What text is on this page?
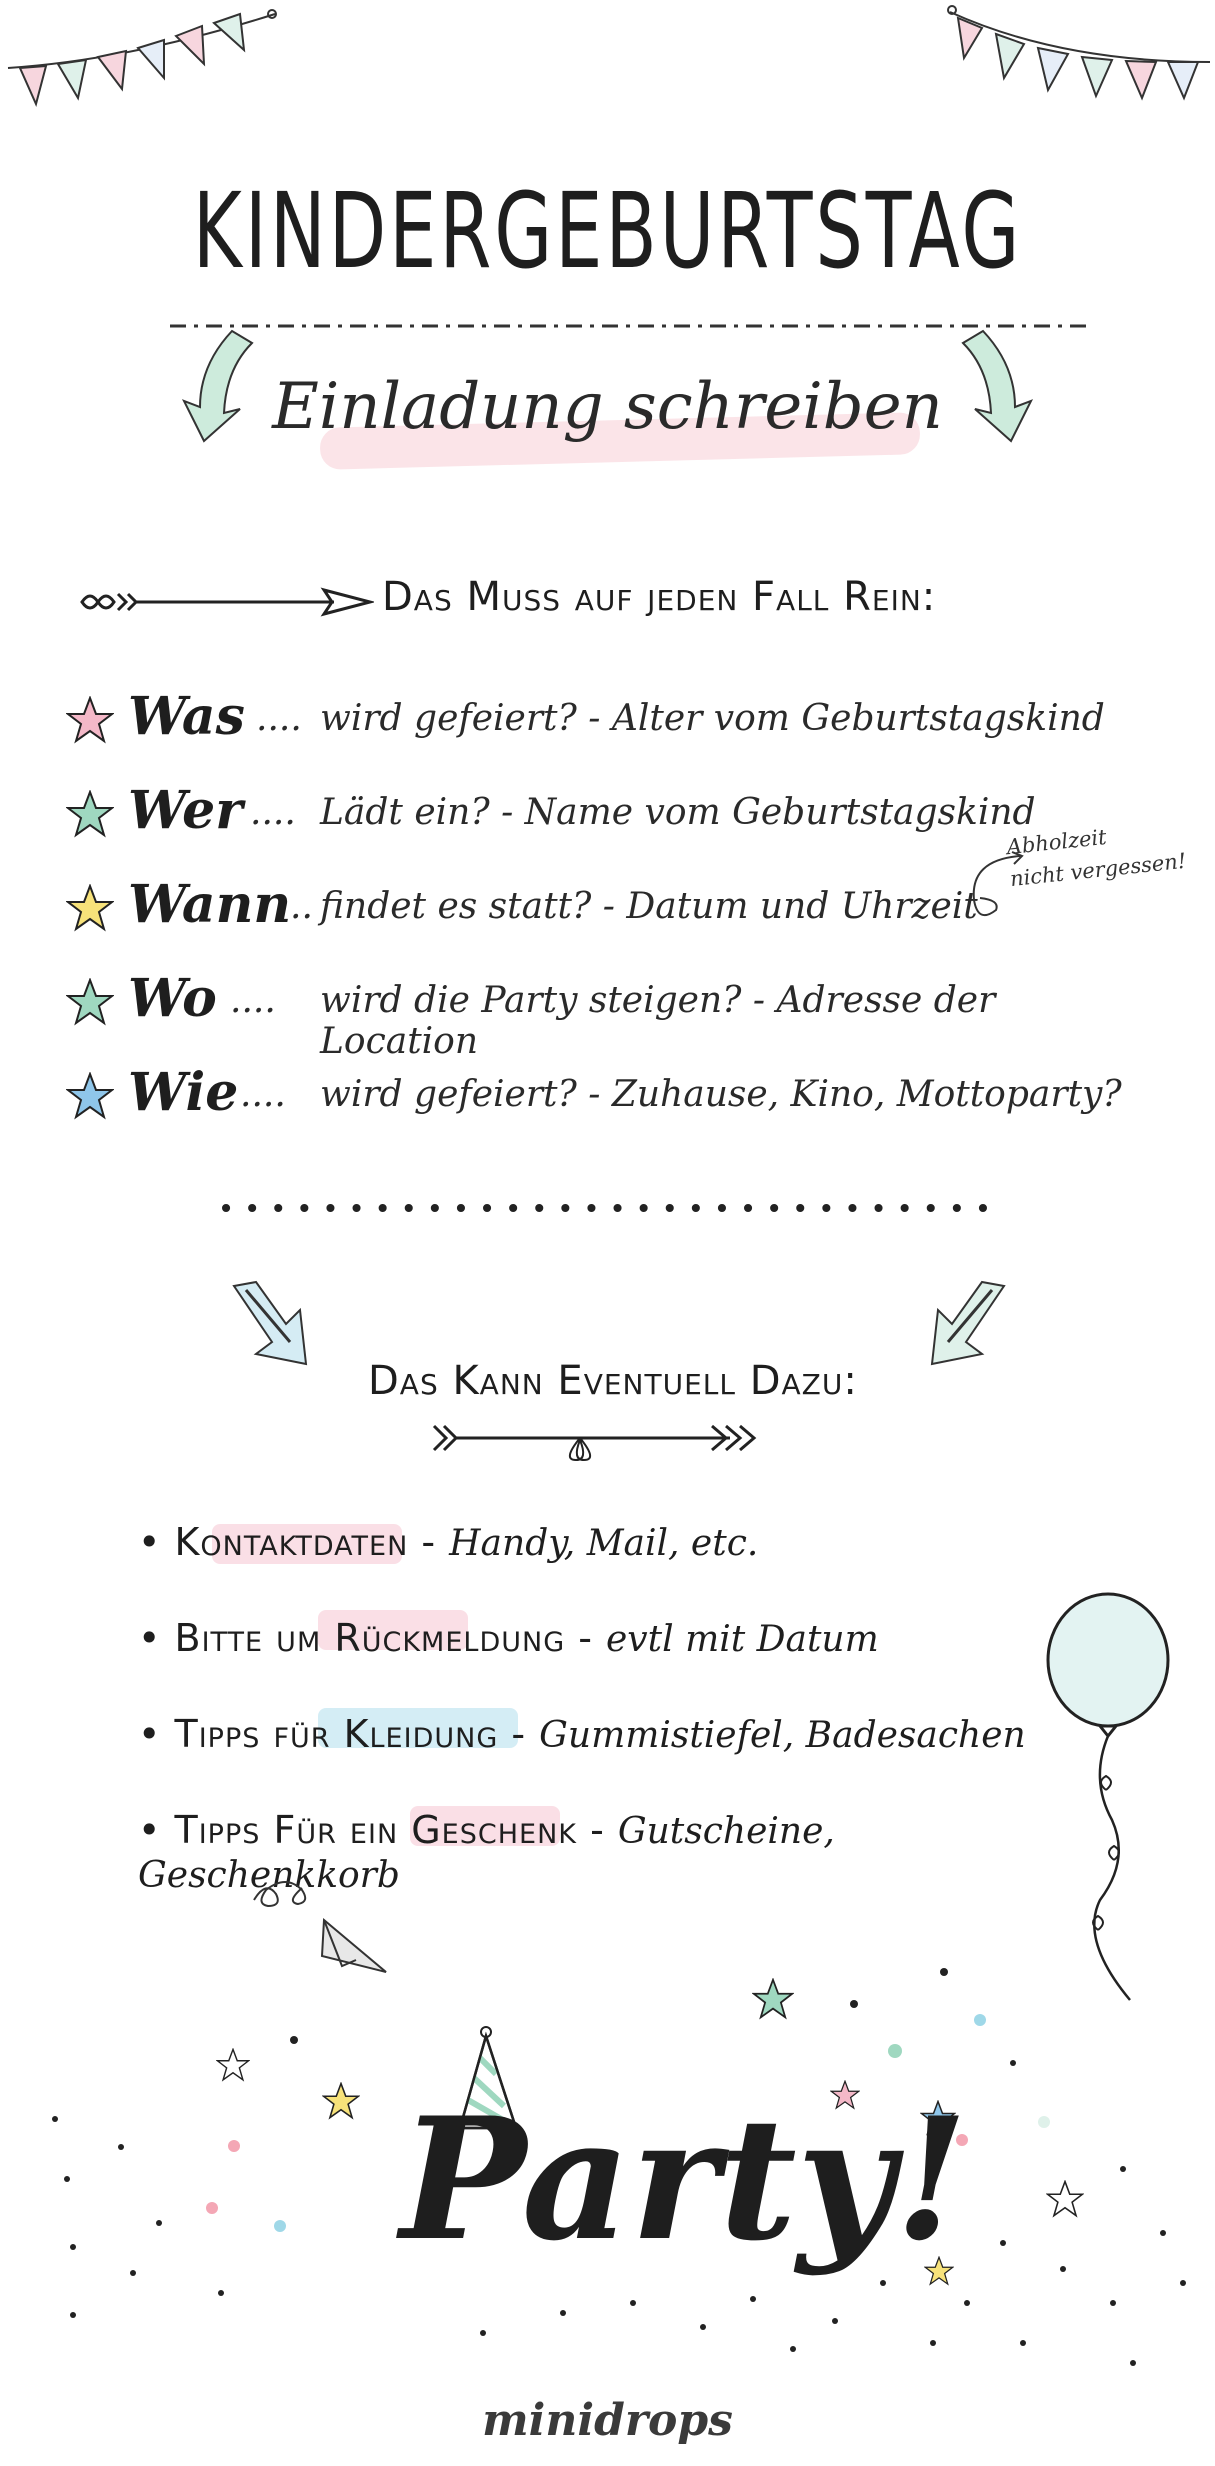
KINDERGEBURTSTAG
Einladung schreiben
Das Muss auf jeden Fall Rein:
Was .... wird gefeiert? - Alter vom Geburtstagskind
Wer .... Lädt ein? - Name vom Geburtstagskind
Wann
.. findet es statt? - Datum und Uhrzeit
Wo .... wird die Party steigen? - Adresse der Location
Wie .... wird gefeiert? - Zuhause, Kino, Mottoparty?
Abholzeit
nicht vergessen!
Das Kann Eventuell Dazu:
• Kontaktdaten - Handy, Mail, etc.
• Bitte um Rückmeldung - evtl mit Datum
• Tipps für Kleidung - Gummistiefel, Badesachen
• Tipps Für ein Geschenk - Gutscheine, Geschenkkorb
Party!
minidrops
